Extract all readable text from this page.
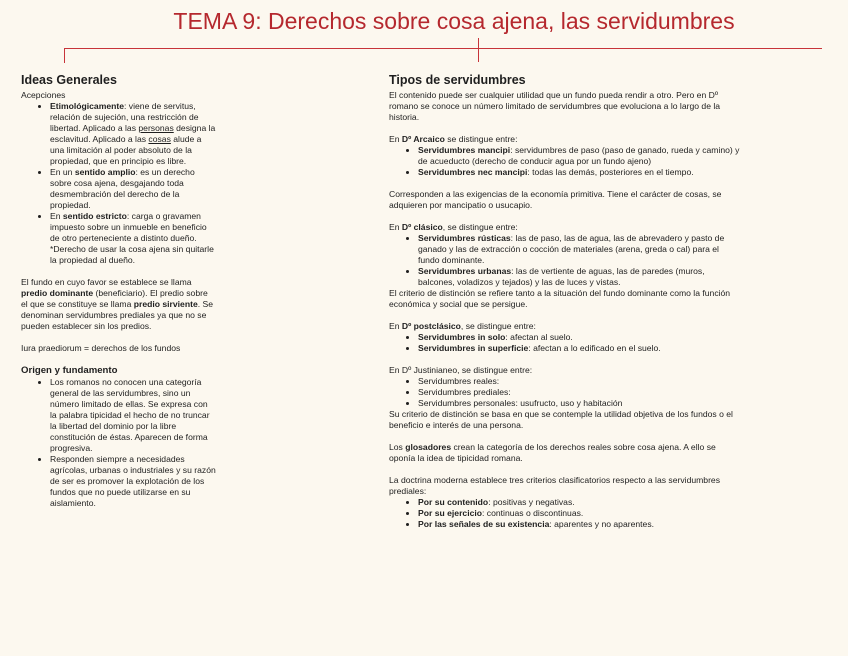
TEMA 9: Derechos sobre cosa ajena, las servidumbres
Ideas Generales

Acepciones

• Etimológicamente: viene de servitus, relación de sujeción, una restricción de libertad. Aplicado a las personas designa la esclavitud. Aplicado a las cosas alude a una limitación al poder absoluto de la propiedad, que en principio es libre.
• En un sentido amplio: es un derecho sobre cosa ajena, desgajando toda desmembración del derecho de la propiedad.
• En sentido estricto: carga o gravamen impuesto sobre un inmueble en beneficio de otro perteneciente a distinto dueño.
*Derecho de usar la cosa ajena sin quitarle la propiedad al dueño.

El fundo en cuyo favor se establece se llama predio dominante (beneficiario). El predio sobre el que se constituye se llama predio sirviente. Se denominan servidumbres prediales ya que no se pueden establecer sin los predios.

Iura praediorum = derechos de los fundos

Origen y fundamento
• Los romanos no conocen una categoría general de las servidumbres, sino un número limitado de ellas. Se expresa con la palabra tipicidad el hecho de no truncar la libertad del dominio por la libre constitución de éstas. Aparecen de forma progresiva.
• Responden siempre a necesidades agrícolas, urbanas o industriales y su razón de ser es promover la explotación de los fundos que no puede utilizarse en su aislamiento.
Tipos de servidumbres

El contenido puede ser cualquier utilidad que un fundo pueda rendir a otro. Pero en Dº romano se conoce un número limitado de servidumbres que evoluciona a lo largo de la historia.

En Dº Arcaico se distingue entre:

• Servidumbres mancipi: servidumbres de paso (paso de ganado, rueda y camino) y de acueducto (derecho de conducir agua por un fundo ajeno)
• Servidumbres nec mancipi: todas las demás, posteriores en el tiempo.

Corresponden a las exigencias de la economía primitiva. Tiene el carácter de cosas, se adquieren por mancipatio o usucapio.

En Dº clásico, se distingue entre:

• Servidumbres rústicas: las de paso, las de agua, las de abrevadero y pasto de ganado y las de extracción o cocción de materiales (arena, greda o cal) para el fundo dominante.
• Servidumbres urbanas: las de vertiente de aguas, las de paredes (muros, balcones, voladizos y tejados) y las de luces y vistas.

El criterio de distinción se refiere tanto a la situación del fundo dominante como la función económica y social que se persigue.

En Dº postclásico, se distingue entre:

• Servidumbres in solo: afectan al suelo.
• Servidumbres in superficie: afectan a lo edificado en el suelo.

En Dº Justinianeo, se distingue entre:

• Servidumbres reales:
• Servidumbres prediales:
• Servidumbres personales: usufructo, uso y habitación

Su criterio de distinción se basa en que se contemple la utilidad objetiva de los fundos o el beneficio e interés de una persona.

Los glosadores crean la categoría de los derechos reales sobre cosa ajena. A ello se oponía la idea de tipicidad romana.

La doctrina moderna establece tres criterios clasificatorios respecto a las servidumbres prediales:

• Por su contenido: positivas y negativas.
• Por su ejercicio: continuas o discontinuas.
• Por las señales de su existencia: aparentes y no aparentes.
